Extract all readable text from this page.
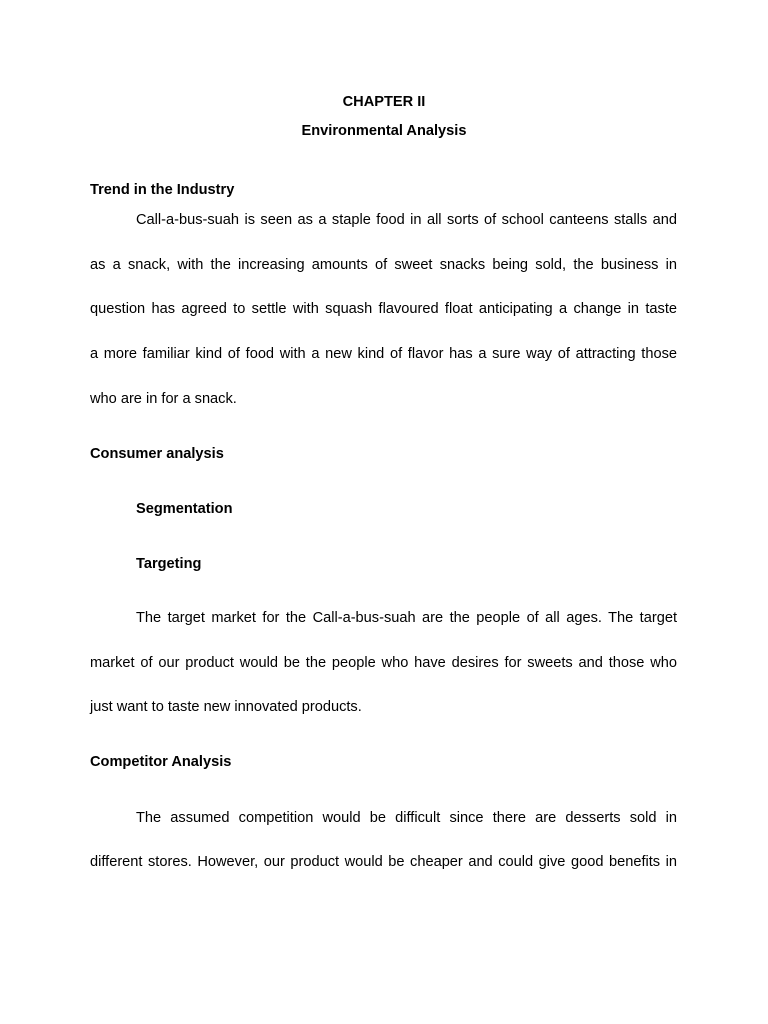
CHAPTER II
Environmental Analysis
Trend in the Industry
Call-a-bus-suah is seen as a staple food in all sorts of school canteens stalls and
as a snack, with the increasing amounts of sweet snacks being sold, the business in
question has agreed to settle with squash flavoured float anticipating a change in taste
a more familiar kind of food with a new kind of flavor has a sure way of attracting those
who are in for a snack.
Consumer analysis
Segmentation
Targeting
The target market for the Call-a-bus-suah are the people of all ages. The target
market of our product would be the people who have desires for sweets and those who
just want to taste new innovated products.
Competitor Analysis
The assumed competition would be difficult since there are desserts sold in
different stores. However, our product would be cheaper and could give good benefits in
